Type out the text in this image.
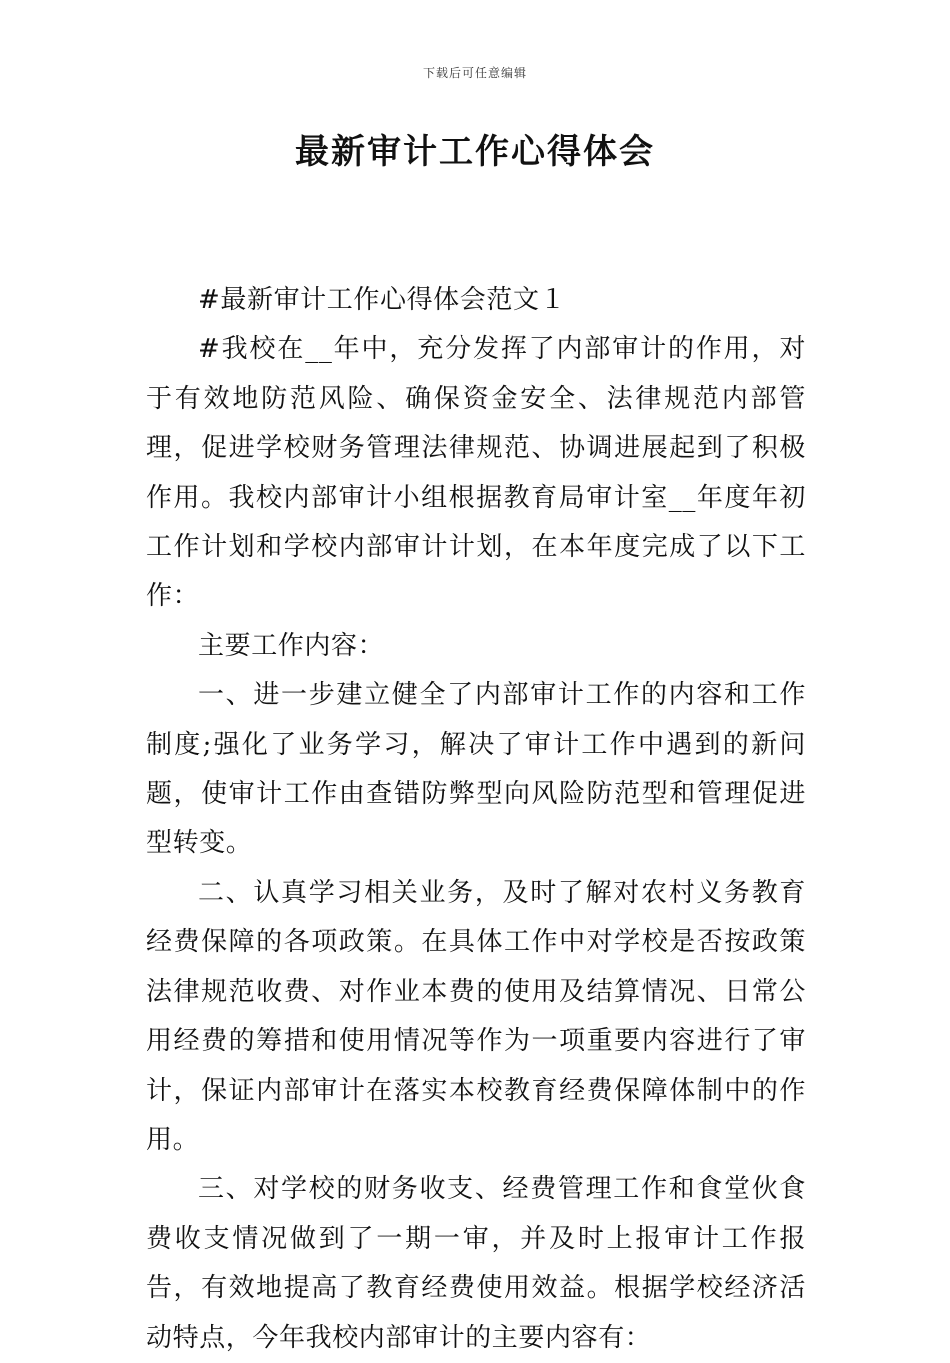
下载后可任意编辑
最新审计工作心得体会

#最新审计工作心得体会范文１

#我校在__年中，充分发挥了内部审计的作用，对于有效地防范风险、确保资金安全、法律规范内部管理，促进学校财务管理法律规范、协调进展起到了积极作用。我校内部审计小组根据教育局审计室__年度年初工作计划和学校内部审计计划，在本年度完成了以下工作：

主要工作内容：

一、进一步建立健全了内部审计工作的内容和工作制度;强化了业务学习，解决了审计工作中遇到的新问题，使审计工作由查错防弊型向风险防范型和管理促进型转变。

二、认真学习相关业务，及时了解对农村义务教育经费保障的各项政策。在具体工作中对学校是否按政策法律规范收费、对作业本费的使用及结算情况、日常公用经费的筹措和使用情况等作为一项重要内容进行了审计，保证内部审计在落实本校教育经费保障体制中的作用。

三、对学校的财务收支、经费管理工作和食堂伙食费收支情况做到了一期一审，并及时上报审计工作报告，有效地提高了教育经费使用效益。根据学校经济活动特点，今年我校内部审计的主要内容有：
